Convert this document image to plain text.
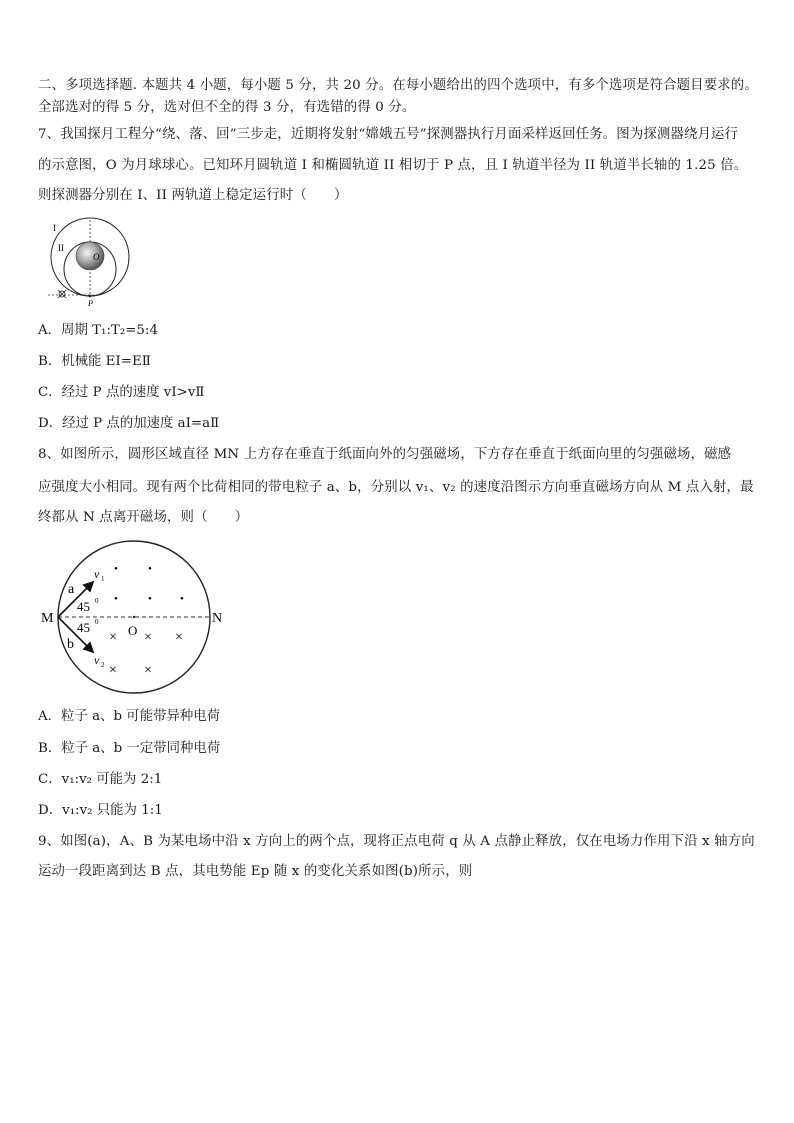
二、多项选择题. 本题共 4 小题，每小题 5 分，共 20 分。在每小题给出的四个选项中，有多个选项是符合题目要求的。
全部选对的得 5 分，选对但不全的得 3 分，有选错的得 0 分。
7、我国探月工程分“绕、落、回”三步走，近期将发射“嫦娥五号”探测器执行月面采样返回任务。图为探测器绕月运行
的示意图，O 为月球球心。已知环月圆轨道 I 和椭圆轨道 II 相切于 P 点，且 I 轨道半径为 II 轨道半长轴的 1.25 倍。
则探测器分别在 I、II 两轨道上稳定运行时（　　）
I
II
O
P
A．周期 T₁:T₂=5:4
B．机械能 EⅠ=EⅡ
C．经过 P 点的速度 vⅠ>vⅡ
D．经过 P 点的加速度 aⅠ=aⅡ
8、如图所示，圆形区域直径 MN 上方存在垂直于纸面向外的匀强磁场，下方存在垂直于纸面向里的匀强磁场，磁感
应强度大小相同。现有两个比荷相同的带电粒子 a、b，分别以 v₁、v₂ 的速度沿图示方向垂直磁场方向从 M 点入射，最
终都从 N 点离开磁场，则（　　）
M	N
O
a
b
v 1
v 2
45 0
45 0
•	•
•	•	•
× × ×
× ×
A．粒子 a、b 可能带异种电荷
B．粒子 a、b 一定带同种电荷
C．v₁:v₂ 可能为 2:1
D．v₁:v₂ 只能为 1:1
9、如图(a)，A、B 为某电场中沿 x 方向上的两个点，现将正点电荷 q 从 A 点静止释放，仅在电场力作用下沿 x 轴方向
运动一段距离到达 B 点，其电势能 Ep 随 x 的变化关系如图(b)所示，则
